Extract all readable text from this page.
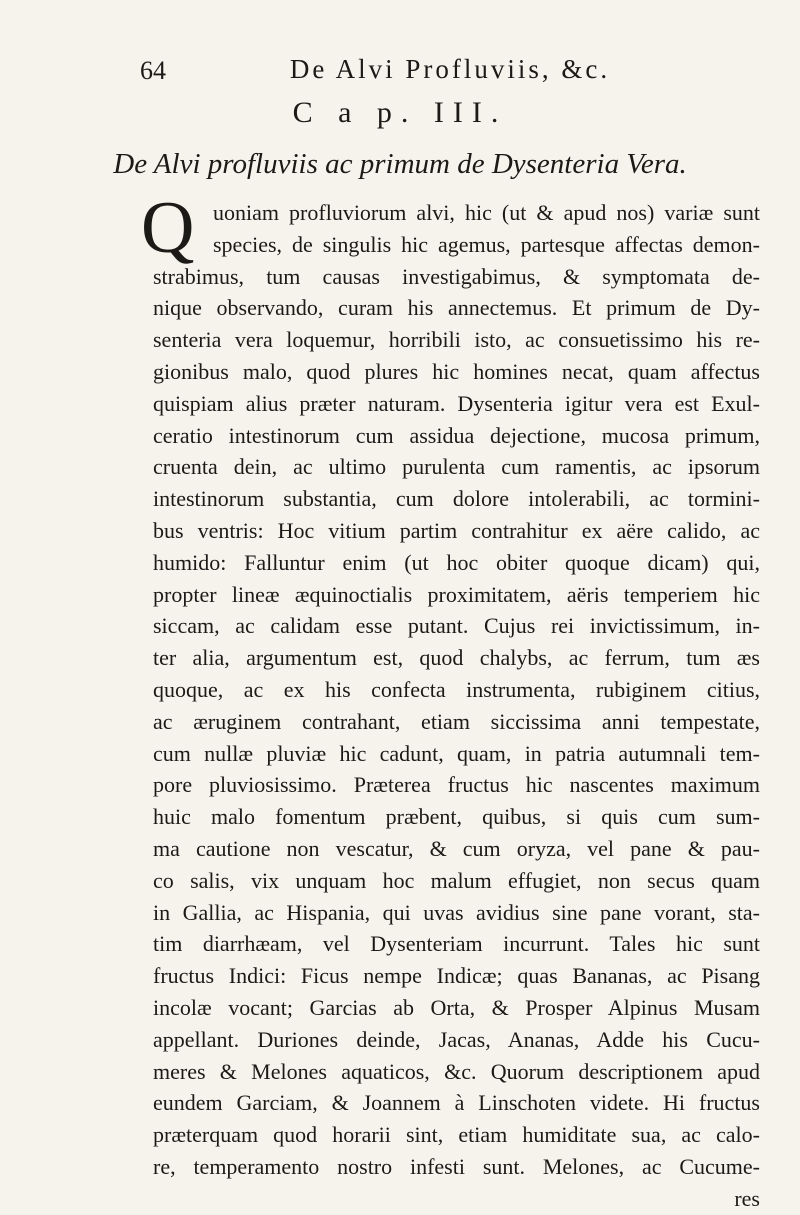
64	De Alvi Profluviis, &c.
C a p. III.
De Alvi profluviis ac primum de Dysenteria Vera.
Q uoniam profluviorum alvi, hic (ut & apud nos) variæ sunt
species, de singulis hic agemus, partesque affectas demon-
strabimus, tum causas investigabimus, & symptomata de-
nique observando, curam his annectemus. Et primum de Dy-
senteria vera loquemur, horribili isto, ac consuetissimo his re-
gionibus malo, quod plures hic homines necat, quam affectus
quispiam alius præter naturam. Dysenteria igitur vera est Exul-
ceratio intestinorum cum assidua dejectione, mucosa primum,
cruenta dein, ac ultimo purulenta cum ramentis, ac ipsorum
intestinorum substantia, cum dolore intolerabili, ac tormini-
bus ventris: Hoc vitium partim contrahitur ex aëre calido, ac
humido: Falluntur enim (ut hoc obiter quoque dicam) qui,
propter lineæ æquinoctialis proximitatem, aëris temperiem hic
siccam, ac calidam esse putant. Cujus rei invictissimum, in-
ter alia, argumentum est, quod chalybs, ac ferrum, tum æs
quoque, ac ex his confecta instrumenta, rubiginem citius,
ac æruginem contrahant, etiam siccissima anni tempestate,
cum nullæ pluviæ hic cadunt, quam, in patria autumnali tem-
pore pluviosissimo. Præterea fructus hic nascentes maximum
huic malo fomentum præbent, quibus, si quis cum sum-
ma cautione non vescatur, & cum oryza, vel pane & pau-
co salis, vix unquam hoc malum effugiet, non secus quam
in Gallia, ac Hispania, qui uvas avidius sine pane vorant, sta-
tim diarrhæam, vel Dysenteriam incurrunt. Tales hic sunt
fructus Indici: Ficus nempe Indicæ; quas Bananas, ac Pisang
incolæ vocant; Garcias ab Orta, & Prosper Alpinus Musam
appellant. Duriones deinde, Jacas, Ananas, Adde his Cucu-
meres & Melones aquaticos, &c. Quorum descriptionem apud
eundem Garciam, & Joannem à Linschoten videte. Hi fructus
præterquam quod horarii sint, etiam humiditate sua, ac calo-
re, temperamento nostro infesti sunt. Melones, ac Cucume-
res
